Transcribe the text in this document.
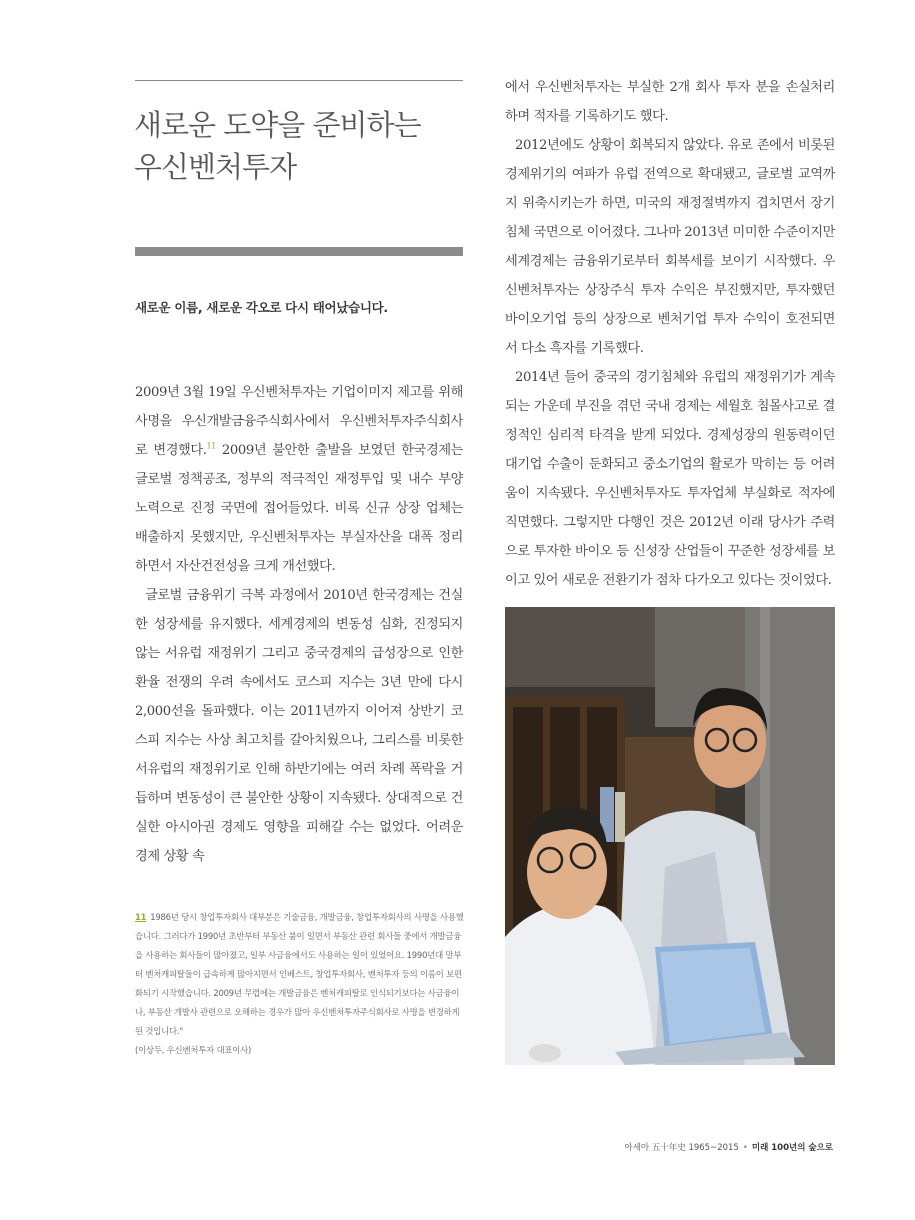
새로운 도약을 준비하는
우신벤처투자
새로운 이름, 새로운 각오로 다시 태어났습니다.

2009년 3월 19일 우신벤처투자는 기업이미지 제고를 위해 사명을 우신개발금융주식회사에서 우신벤처투자주식회사로 변경했다.$^{11}$ 2009년 불안한 출발을 보였던 한국경제는 글로벌 정책공조, 정부의 적극적인 재정투입 및 내수 부양 노력으로 진정 국면에 접어들었다. 비록 신규 상장 업체는 배출하지 못했지만, 우신벤처투자는 부실자산을 대폭 정리하면서 자산건전성을 크게 개선했다.

글로벌 금융위기 극복 과정에서 2010년 한국경제는 건실한 성장세를 유지했다. 세계경제의 변동성 심화, 진정되지 않는 서유럽 재정위기 그리고 중국경제의 급성장으로 인한 환율 전쟁의 우려 속에서도 코스피 지수는 3년 만에 다시 2,000선을 돌파했다. 이는 2011년까지 이어져 상반기 코스피 지수는 사상 최고치를 갈아치웠으나, 그리스를 비롯한 서유럽의 재정위기로 인해 하반기에는 여러 차례 폭락을 거듭하며 변동성이 큰 불안한 상황이 지속됐다. 상대적으로 건실한 아시아권 경제도 영향을 피해갈 수는 없었다. 어려운 경제 상황 속

에서 우신벤처투자는 부실한 2개 회사 투자 분을 손실처리하며 적자를 기록하기도 했다.

2012년에도 상황이 회복되지 않았다. 유로 존에서 비롯된 경제위기의 여파가 유럽 전역으로 확대됐고, 글로벌 교역까지 위축시키는가 하면, 미국의 재정절벽까지 겹치면서 장기 침체 국면으로 이어졌다. 그나마 2013년 미미한 수준이지만 세계경제는 금융위기로부터 회복세를 보이기 시작했다. 우신벤처투자는 상장주식 투자 수익은 부진했지만, 투자했던 바이오기업 등의 상장으로 벤처기업 투자 수익이 호전되면서 다소 흑자를 기록했다.

2014년 들어 중국의 경기침체와 유럽의 재정위기가 계속되는 가운데 부진을 겪던 국내 경제는 세월호 침몰사고로 결정적인 심리적 타격을 받게 되었다. 경제성장의 원동력이던 대기업 수출이 둔화되고 중소기업의 활로가 막히는 등 어려움이 지속됐다. 우신벤처투자도 투자업체 부실화로 적자에 직면했다. 그렇지만 다행인 것은 2012년 이래 당사가 주력으로 투자한 바이오 등 신성장 산업들이 꾸준한 성장세를 보이고 있어 새로운 전환기가 점차 다가오고 있다는 것이었다.

11 1986년 당시 창업투자회사 대부분은 기술금융, 개발금융, 창업투자회사의 사명을 사용했습니다. 그러다가 1990년 초반부터 부동산 붐이 일면서 부동산 관련 회사들 중에서 개발금융을 사용하는 회사들이 많아졌고, 일부 사금융에서도 사용하는 일이 있었어요. 1990년대 말부터 벤처캐피탈들이 급속하게 많아지면서 인베스트, 창업투자회사, 벤처투자 등의 이름이 보편화되기 시작했습니다. 2009년 무렵에는 개발금융은 벤처캐피탈로 인식되기보다는 사금융이나, 부동산 개발사 관련으로 오해하는 경우가 많아 우신벤처투자주식회사로 사명을 변경하게 된 것입니다."
(이상두, 우신벤처투자 대표이사)

아세아 五十年史 1965~2015 • 미래 100년의 숲으로
